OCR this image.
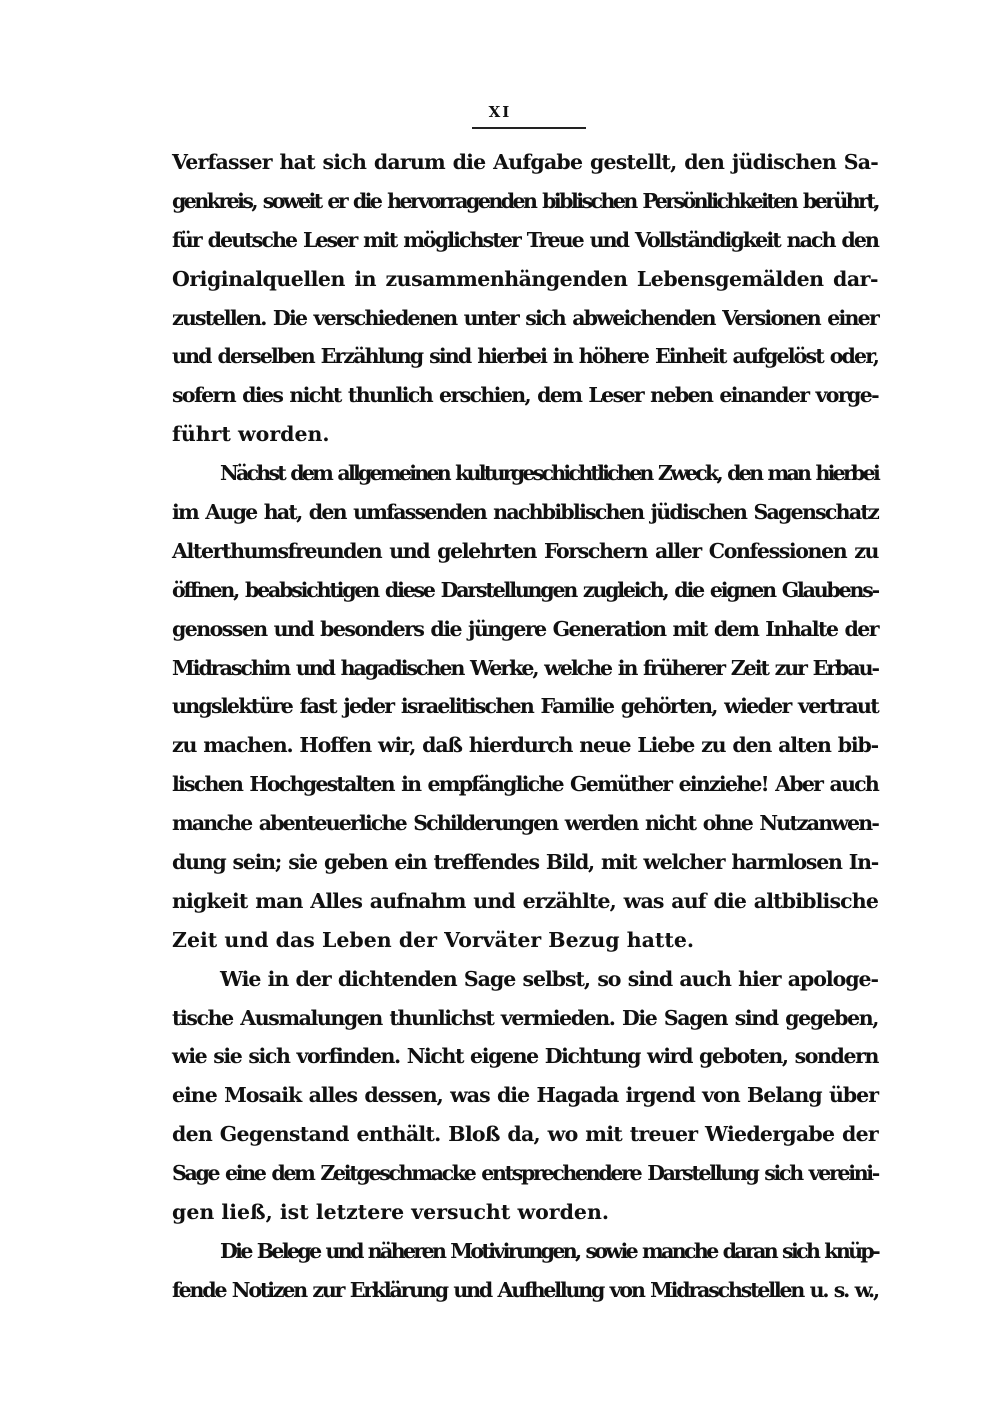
XI

Verfasser hat sich darum die Aufgabe gestellt, den jüdischen Sa-
genkreis, soweit er die hervorragenden biblischen Persönlichkeiten berührt,
für deutsche Leser mit möglichster Treue und Vollständigkeit nach den
Originalquellen in zusammenhängenden Lebensgemälden dar-
zustellen. Die verschiedenen unter sich abweichenden Versionen einer
und derselben Erzählung sind hierbei in höhere Einheit aufgelöst oder,
sofern dies nicht thunlich erschien, dem Leser neben einander vorge-
führt worden.

Nächst dem allgemeinen kulturgeschichtlichen Zweck, den man hierbei
im Auge hat, den umfassenden nachbiblischen jüdischen Sagenschatz
Alterthumsfreunden und gelehrten Forschern aller Confessionen zu
öffnen, beabsichtigen diese Darstellungen zugleich, die eignen Glaubens-
genossen und besonders die jüngere Generation mit dem Inhalte der
Midraschim und hagadischen Werke, welche in früherer Zeit zur Erbau-
ungslektüre fast jeder israelitischen Familie gehörten, wieder vertraut
zu machen. Hoffen wir, daß hierdurch neue Liebe zu den alten bib-
lischen Hochgestalten in empfängliche Gemüther einziehe! Aber auch
manche abenteuerliche Schilderungen werden nicht ohne Nutzanwen-
dung sein; sie geben ein treffendes Bild, mit welcher harmlosen In-
nigkeit man Alles aufnahm und erzählte, was auf die altbiblische
Zeit und das Leben der Vorväter Bezug hatte.

Wie in der dichtenden Sage selbst, so sind auch hier apologe-
tische Ausmalungen thunlichst vermieden. Die Sagen sind gegeben,
wie sie sich vorfinden. Nicht eigene Dichtung wird geboten, sondern
eine Mosaik alles dessen, was die Hagada irgend von Belang über
den Gegenstand enthält. Bloß da, wo mit treuer Wiedergabe der
Sage eine dem Zeitgeschmacke entsprechendere Darstellung sich vereini-
gen ließ, ist letztere versucht worden.

Die Belege und näheren Motivirungen, sowie manche daran sich knüp-
fende Notizen zur Erklärung und Aufhellung von Midraschstellen u. s. w.,
